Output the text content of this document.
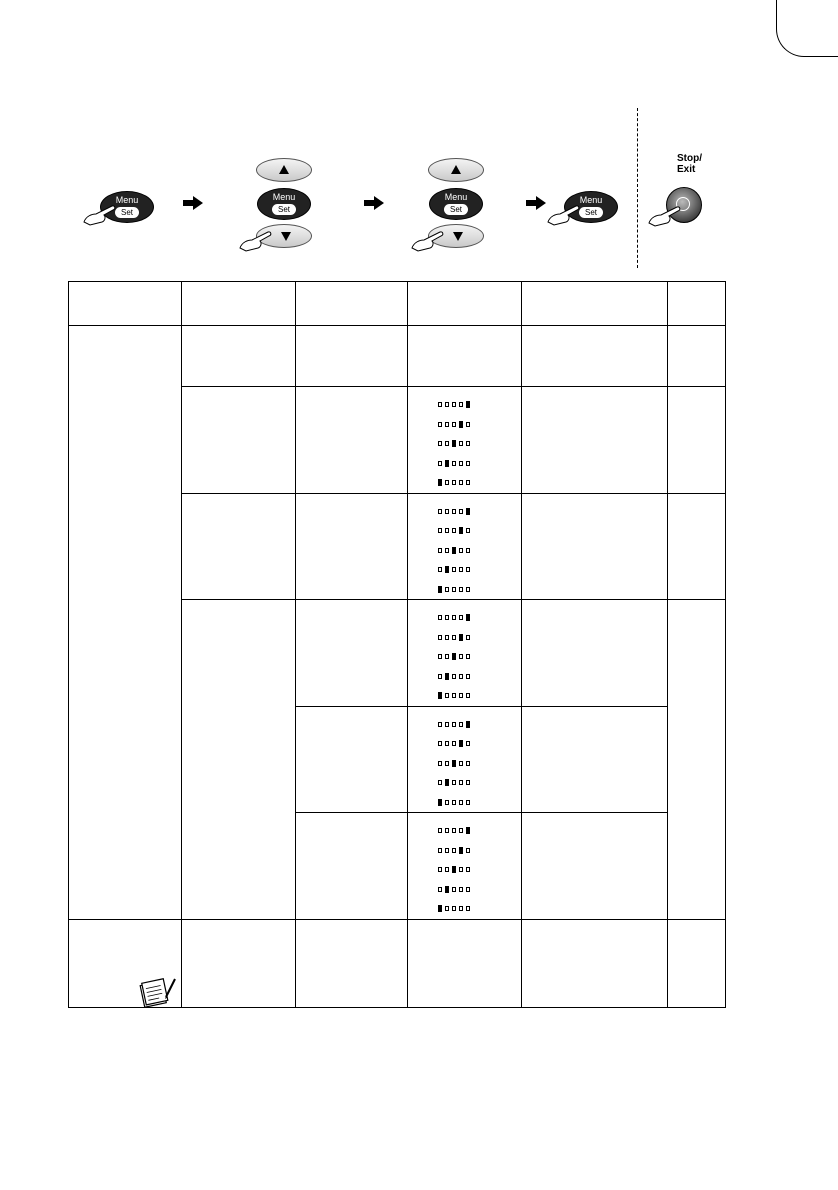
Menu
Set
Menu
Set
Menu
Set
Menu
Set
Stop/
Exit
